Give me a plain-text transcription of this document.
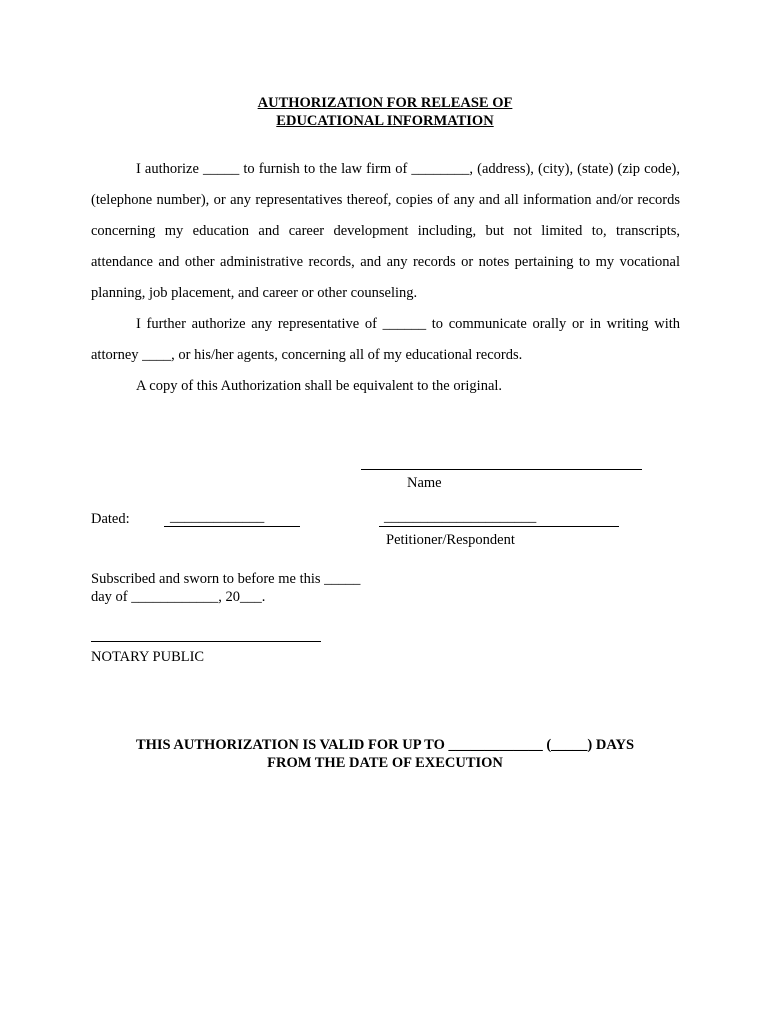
AUTHORIZATION FOR RELEASE OF
EDUCATIONAL INFORMATION

I authorize _____ to furnish to the law firm of ________, (address), (city), (state) (zip code), (telephone number), or any representatives thereof, copies of any and all information and/or records concerning my education and career development including, but not limited to, transcripts, attendance and other administrative records, and any records or notes pertaining to my vocational planning, job placement, and career or other counseling.

I further authorize any representative of ______ to communicate orally or in writing with attorney ____, or his/her agents, concerning all of my educational records.

A copy of this Authorization shall be equivalent to the original.

Name
Dated:	_____________	_____________________
Petitioner/Respondent
Subscribed and sworn to before me this _____
day of ____________, 20___.
NOTARY PUBLIC
THIS AUTHORIZATION IS VALID FOR UP TO _____________ (_____) DAYS
FROM THE DATE OF EXECUTION
